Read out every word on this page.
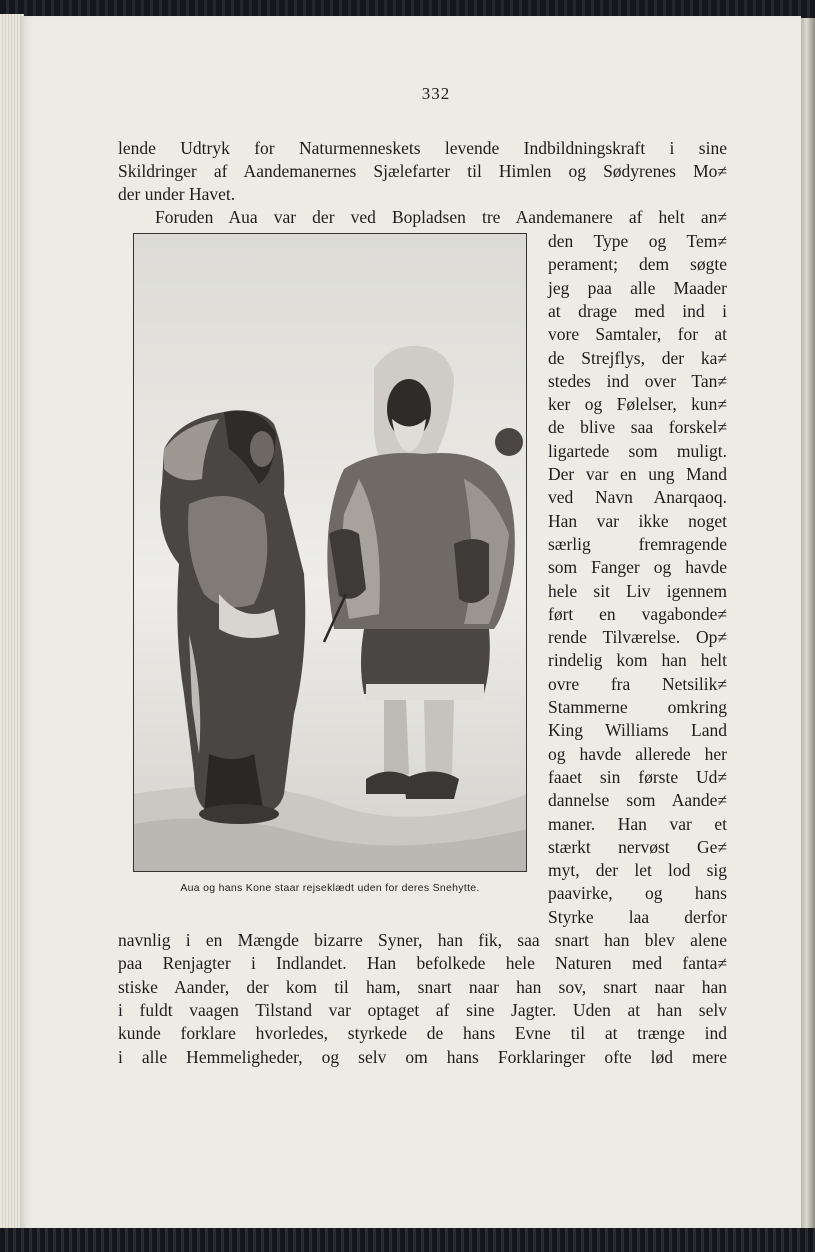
332
lende Udtryk for Naturmenneskets levende Indbildningskraft i sine
Skildringer af Aandemanernes Sjælefarter til Himlen og Sødyrenes Mo≠
der under Havet.
Foruden Aua var der ved Bopladsen tre Aandemanere af helt an≠
Aua og hans Kone staar rejseklædt uden for deres Snehytte.
den Type og Tem≠
perament; dem søgte
jeg paa alle Maader
at drage med ind i
vore Samtaler, for at
de Strejflys, der ka≠
stedes ind over Tan≠
ker og Følelser, kun≠
de blive saa forskel≠
ligartede som muligt.
Der var en ung Mand
ved Navn Anarqaoq.
Han var ikke noget
særlig fremragende
som Fanger og havde
hele sit Liv igennem
ført en vagabonde≠
rende Tilværelse. Op≠
rindelig kom han helt
ovre fra Netsilik≠
Stammerne omkring
King Williams Land
og havde allerede her
faaet sin første Ud≠
dannelse som Aande≠
maner. Han var et
stærkt nervøst Ge≠
myt, der let lod sig
paavirke, og hans
Styrke laa derfor
navnlig i en Mængde bizarre Syner, han fik, saa snart han blev alene
paa Renjagter i Indlandet. Han befolkede hele Naturen med fanta≠
stiske Aander, der kom til ham, snart naar han sov, snart naar han
i fuldt vaagen Tilstand var optaget af sine Jagter. Uden at han selv
kunde forklare hvorledes, styrkede de hans Evne til at trænge ind
i alle Hemmeligheder, og selv om hans Forklaringer ofte lød mere
